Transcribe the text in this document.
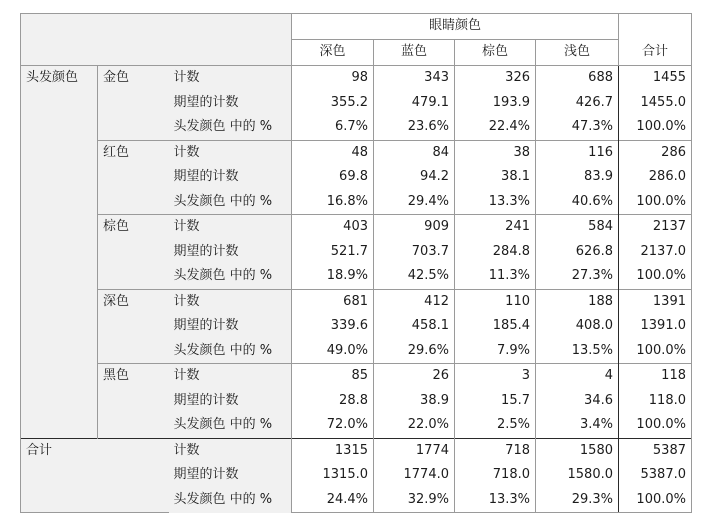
			眼睛颜色				
			深色	蓝色	棕色	浅色	合计
头发颜色	金色	计数	98	343	326	688	1455
		期望的计数	355.2	479.1	193.9	426.7	1455.0
		头发颜色 中的 %	6.7%	23.6%	22.4%	47.3%	100.0%
	红色	计数	48	84	38	116	286
		期望的计数	69.8	94.2	38.1	83.9	286.0
		头发颜色 中的 %	16.8%	29.4%	13.3%	40.6%	100.0%
	棕色	计数	403	909	241	584	2137
		期望的计数	521.7	703.7	284.8	626.8	2137.0
		头发颜色 中的 %	18.9%	42.5%	11.3%	27.3%	100.0%
	深色	计数	681	412	110	188	1391
		期望的计数	339.6	458.1	185.4	408.0	1391.0
		头发颜色 中的 %	49.0%	29.6%	7.9%	13.5%	100.0%
	黑色	计数	85	26	3	4	118
		期望的计数	28.8	38.9	15.7	34.6	118.0
		头发颜色 中的 %	72.0%	22.0%	2.5%	3.4%	100.0%
合计		计数	1315	1774	718	1580	5387
		期望的计数	1315.0	1774.0	718.0	1580.0	5387.0
		头发颜色 中的 %	24.4%	32.9%	13.3%	29.3%	100.0%
